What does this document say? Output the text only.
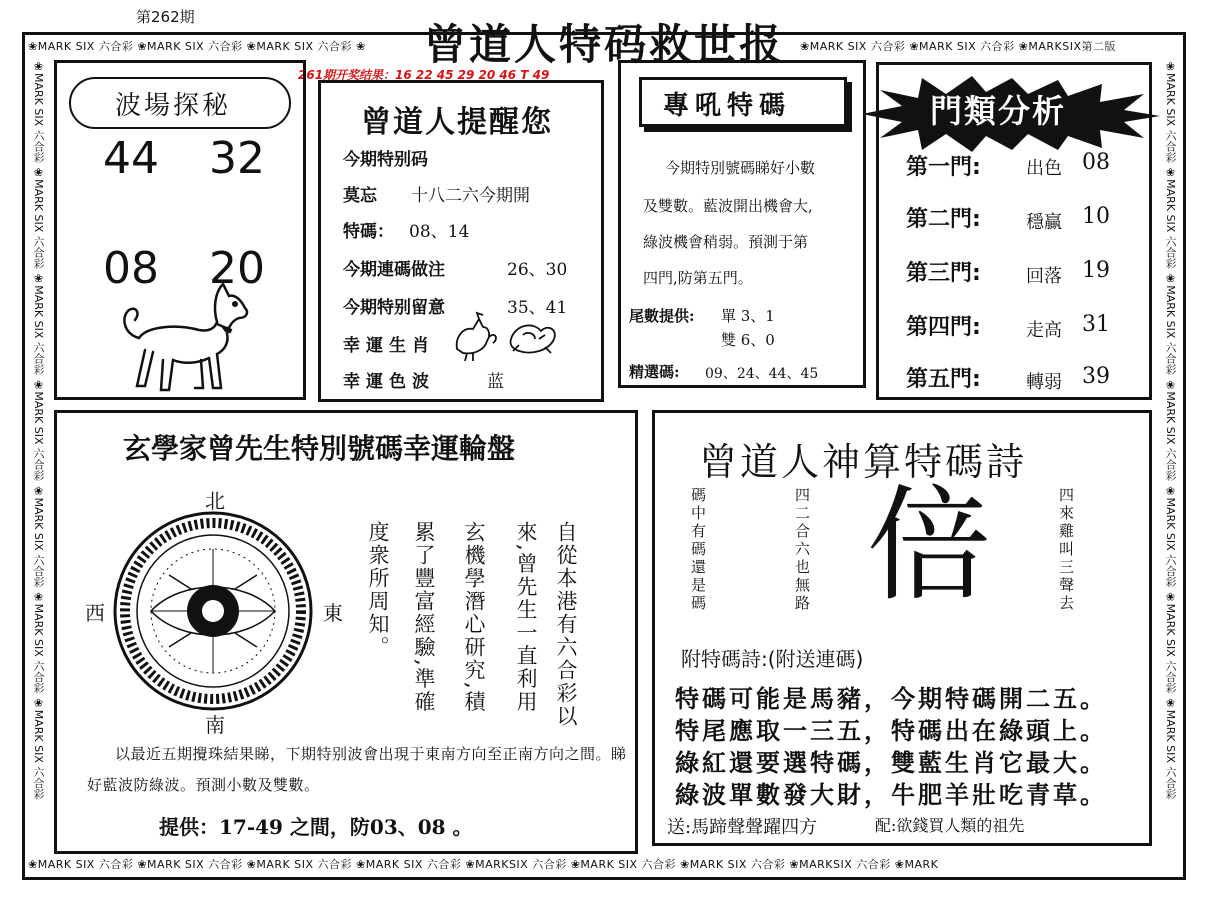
第262期
曾道人特码救世报
❀MARK SIX 六合彩 ❀MARK SIX 六合彩 ❀MARK SIX 六合彩 ❀	❀MARK SIX 六合彩 ❀MARK SIX 六合彩 ❀MARKSIX第二版
❀MARK SIX 六合彩 ❀MARK SIX 六合彩 ❀MARK SIX 六合彩 ❀MARK SIX 六合彩 ❀MARKSIX 六合彩 ❀MARK SIX 六合彩 ❀MARK SIX 六合彩 ❀MARKSIX 六合彩 ❀MARK
❀MARK SIX 六合彩 ❀MARK SIX 六合彩 ❀MARK SIX 六合彩 ❀MARK SIX 六合彩 ❀MARK SIX 六合彩 ❀MARK SIX 六合彩 ❀MARK SIX 六合彩	❀MARK SIX 六合彩 ❀MARK SIX 六合彩 ❀MARK SIX 六合彩 ❀MARK SIX 六合彩 ❀MARK SIX 六合彩 ❀MARK SIX 六合彩 ❀MARK SIX 六合彩
261期开奖结果：16 22 45 29 20 46 T 49
波場探秘
44 32
08 20
曾道人提醒您
今期特别码
莫忘 十八二六今期開
特碼： 08、14
今期連碼做注	26、30
今期特别留意	35、41
幸運生肖
幸運色波	蓝
專吼特碼
今期特別號碼睇好小數
及雙數。藍波開出機會大,
綠波機會稍弱。預測于第
四門,防第五門。
尾數提供: 單 3、1
雙 6、0
精選碼: 09、24、44、45
門類分析
第一門:	出色 08
第二門:	穩贏 10
第三門:	回落 19
第四門:	走高 31
第五門:	轉弱 39
玄學家曾先生特別號碼幸運輪盤
北
南
東
西	自從本港有六合彩以
來,曾先生一直利用
玄機學潛心研究,積
累了豐富經驗,準確
度衆所周知。
以最近五期攪珠結果睇，下期特别波會出現于東南方向至正南方向之間。睇好藍波防綠波。預測小數及雙數。
提供：17-49 之間，防03、08 。
曾道人神算特碼詩
碼中有碼還是碼	四二合六也無路 倍	四來雞叫三聲去
附特碼詩:(附送連碼)
特碼可能是馬豬，今期特碼開二五。
特尾應取一三五，特碼出在綠頭上。
綠紅還要選特碼，雙藍生肖它最大。
綠波單數發大財，牛肥羊壯吃青草。
送:馬蹄聲聲躍四方	配:欲錢買人類的祖先
